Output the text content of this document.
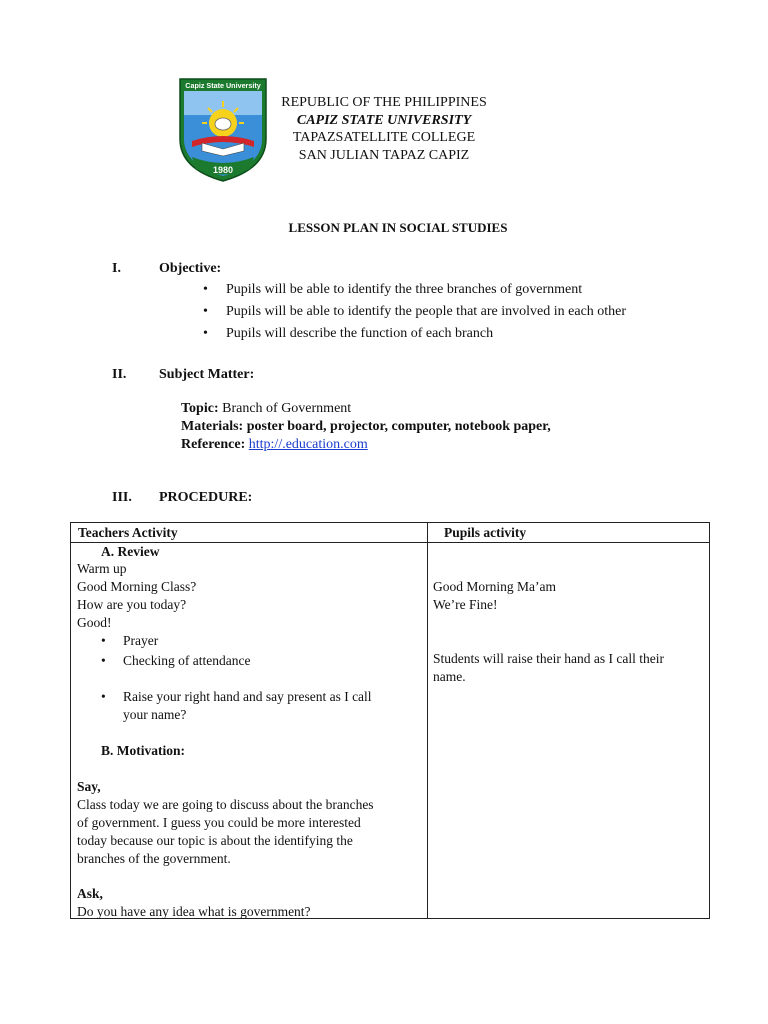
1980
Capiz State University
REPUBLIC OF THE PHILIPPINES
CAPIZ STATE UNIVERSITY
TAPAZSATELLITE COLLEGE
SAN JULIAN TAPAZ CAPIZ
LESSON PLAN IN SOCIAL STUDIES
I.	Objective:
• Pupils will be able to identify the three branches of government
• Pupils will be able to identify the people that are involved in each other
• Pupils will describe the function of each branch
II. Subject Matter:
Topic: Branch of Government
Materials: poster board, projector, computer, notebook paper,
Reference: http://.education.com
III. PROCEDURE:
Teachers Activity	Pupils activity
A. Review
Warm up
Good Morning Class?
How are you today?
Good!
• Prayer
• Checking of attendance
• Raise your right hand and say present as I call
your name?
B. Motivation:
Say,
Class today we are going to discuss about the branches
of government. I guess you could be more interested
today because our topic is about the identifying the
branches of the government.
Ask,
Do you have any idea what is government?
Good Morning Ma’am
We’re Fine!
Students will raise their hand as I call their
name.
